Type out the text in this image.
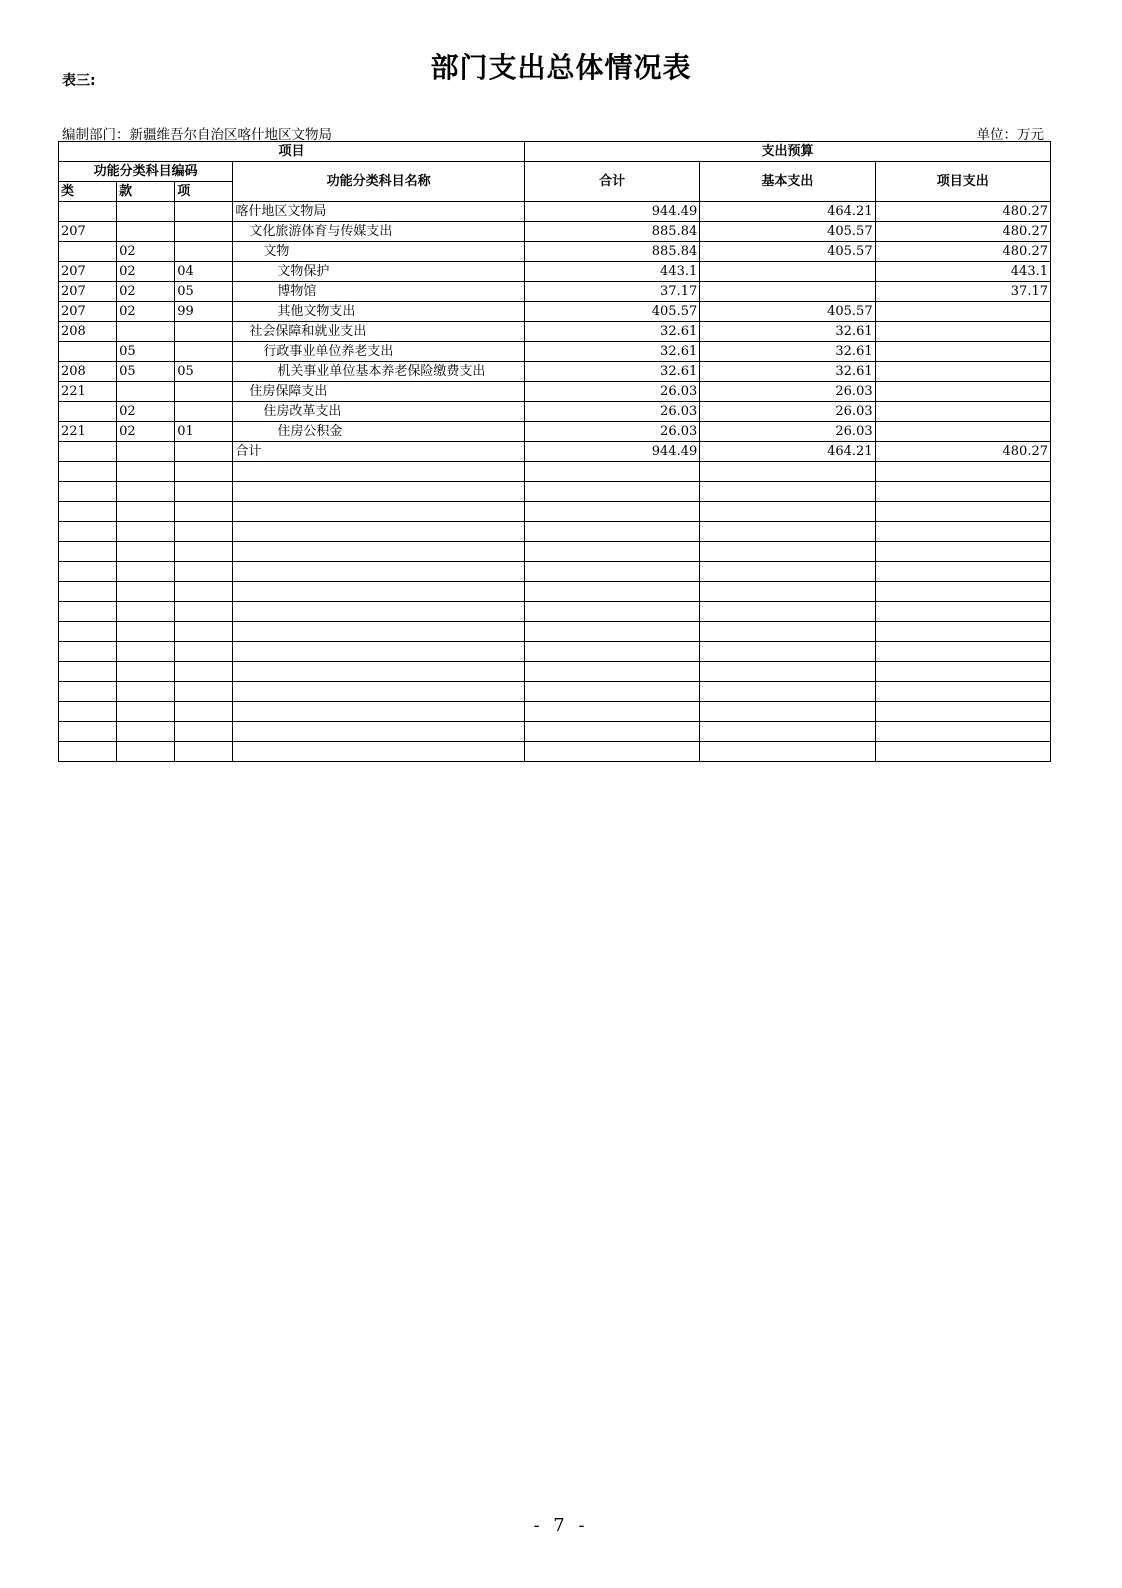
表三:	部门支出总体情况表
编制部门：新疆维吾尔自治区喀什地区文物局	单位：万元
项目				支出预算		
功能分类科目编码			功能分类科目名称	合计	基本支出	项目支出
类	款	项				
			喀什地区文物局	944.49	464.21	480.27
207			文化旅游体育与传媒支出	885.84	405.57	480.27
	02		文物	885.84	405.57	480.27
207	02	04	文物保护	443.1		443.1
207	02	05	博物馆	37.17		37.17
207	02	99	其他文物支出	405.57	405.57	
208			社会保障和就业支出	32.61	32.61	
	05		行政事业单位养老支出	32.61	32.61	
208	05	05	机关事业单位基本养老保险缴费支出	32.61	32.61	
221			住房保障支出	26.03	26.03	
	02		住房改革支出	26.03	26.03	
221	02	01	住房公积金	26.03	26.03	
			合计	944.49	464.21	480.27

- 7 -
